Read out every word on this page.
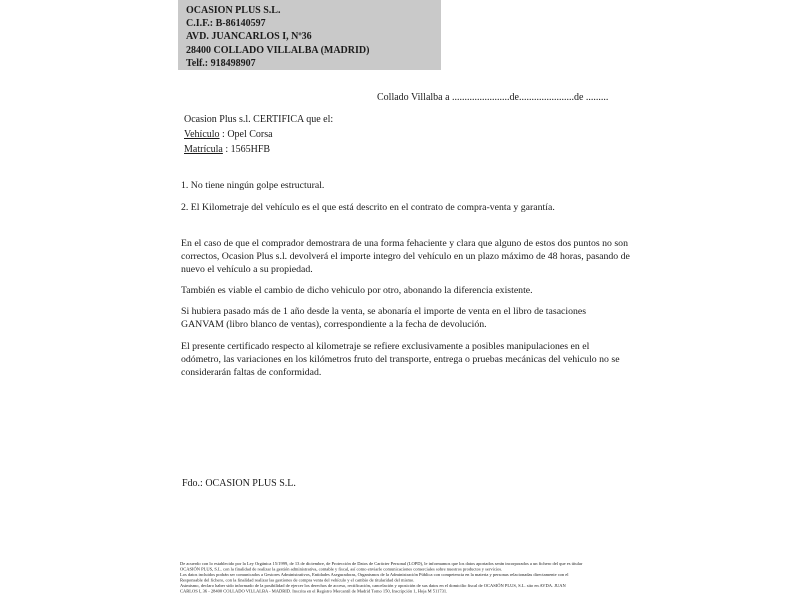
OCASION PLUS S.L.
C.I.F.: B-86140597
AVD. JUANCARLOS I, Nº36
28400 COLLADO VILLALBA (MADRID)
Telf.: 918498907
Collado Villalba a .......................de......................de .........
Ocasion Plus s.l. CERTIFICA que el:
Vehículo : Opel Corsa
Matrícula : 1565HFB
1. No tiene ningún golpe estructural.
2. El Kilometraje del vehículo es el que está descrito en el contrato de compra-venta y garantía.
En el caso de que el comprador demostrara de una forma fehaciente y clara que alguno de estos dos puntos no son correctos, Ocasion Plus s.l. devolverá el importe integro del vehículo en un plazo máximo de 48 horas, pasando de nuevo el vehículo a su propiedad.
También es viable el cambio de dicho vehiculo por otro, abonando la diferencia existente.
Si hubiera pasado más de 1 año desde la venta, se abonaría el importe de venta en el libro de tasaciones GANVAM (libro blanco de ventas), correspondiente a la fecha de devolución.
El presente certificado respecto al kilometraje se refiere exclusivamente a posibles manipulaciones en el odómetro, las variaciones en los kilómetros fruto del transporte, entrega o pruebas mecánicas del vehiculo no se considerarán faltas de conformidad.
Fdo.: OCASION PLUS S.L.
De acuerdo con lo establecido por la Ley Orgánica 15/1999, de 13 de diciembre, de Protección de Datos de Carácter Personal (LOPD), le informamos que los datos aportados serán incorporados a un fichero del que es titular
OCASIÓN PLUS, S.L. con la finalidad de realizar la gestión administrativa, contable y fiscal, así como enviarle comunicaciones comerciales sobre nuestros productos y servicios.
Los datos incluidos podrán ser comunicados a Gestores Administrativos, Entidades Aseguradoras, Organismos de la Administración Pública con competencia en la materia y personas relacionadas directamente con el
Responsable del fichero, con la finalidad realizar las gestiones de compra venta del vehículo y el cambio de titularidad del mismo.
Asimismo, declaro haber sido informado de la posibilidad de ejercer los derechos de acceso, rectificación, cancelación y oposición de sus datos en el domicilio fiscal de OCASIÓN PLUS, S.L. sito en AVDA. JUAN
CARLOS I, 36 - 28400 COLLADO VILLALBA - MADRID. Inscrita en el Registro Mercantil de Madrid Tomo 150, Inscripción 1, Hoja M 511731.
